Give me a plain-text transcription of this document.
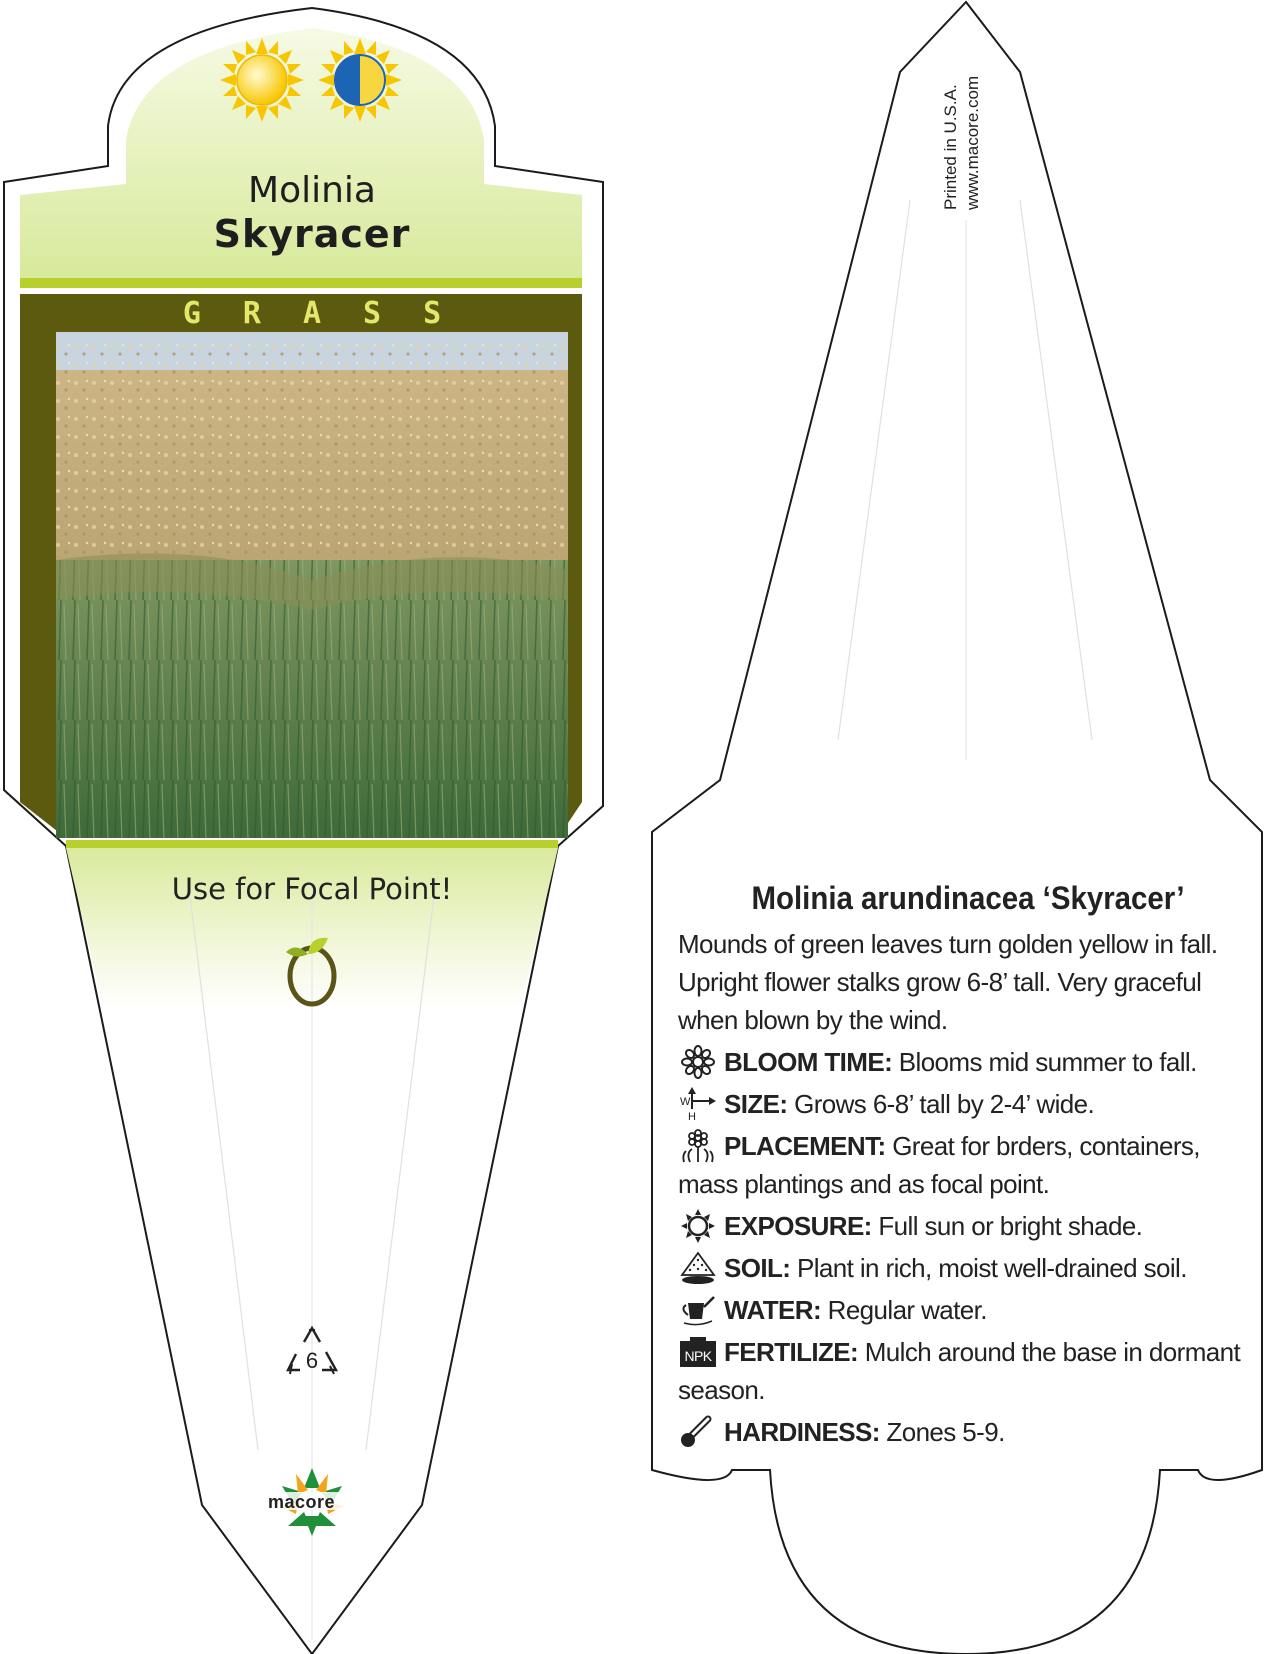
6
Molinia
Skyracer
GRASS
Use for Focal Point!
macore
Printed in U.S.A. www.macore.com

Molinia arundinacea ‘Skyracer’

Mounds of green leaves turn golden yellow in fall. Upright flower stalks grow 6-8’ tall. Very graceful when blown by the wind.

BLOOM TIME: Blooms mid summer to fall.

W
H SIZE: Grows 6-8’ tall by 2-4’ wide.

PLACEMENT: Great for brders, containers, mass plantings and as focal point.

EXPOSURE: Full sun or bright shade.

SOIL: Plant in rich, moist well-drained soil.

WATER: Regular water.

NPK FERTILIZE: Mulch around the base in dormant season.

HARDINESS: Zones 5-9.
